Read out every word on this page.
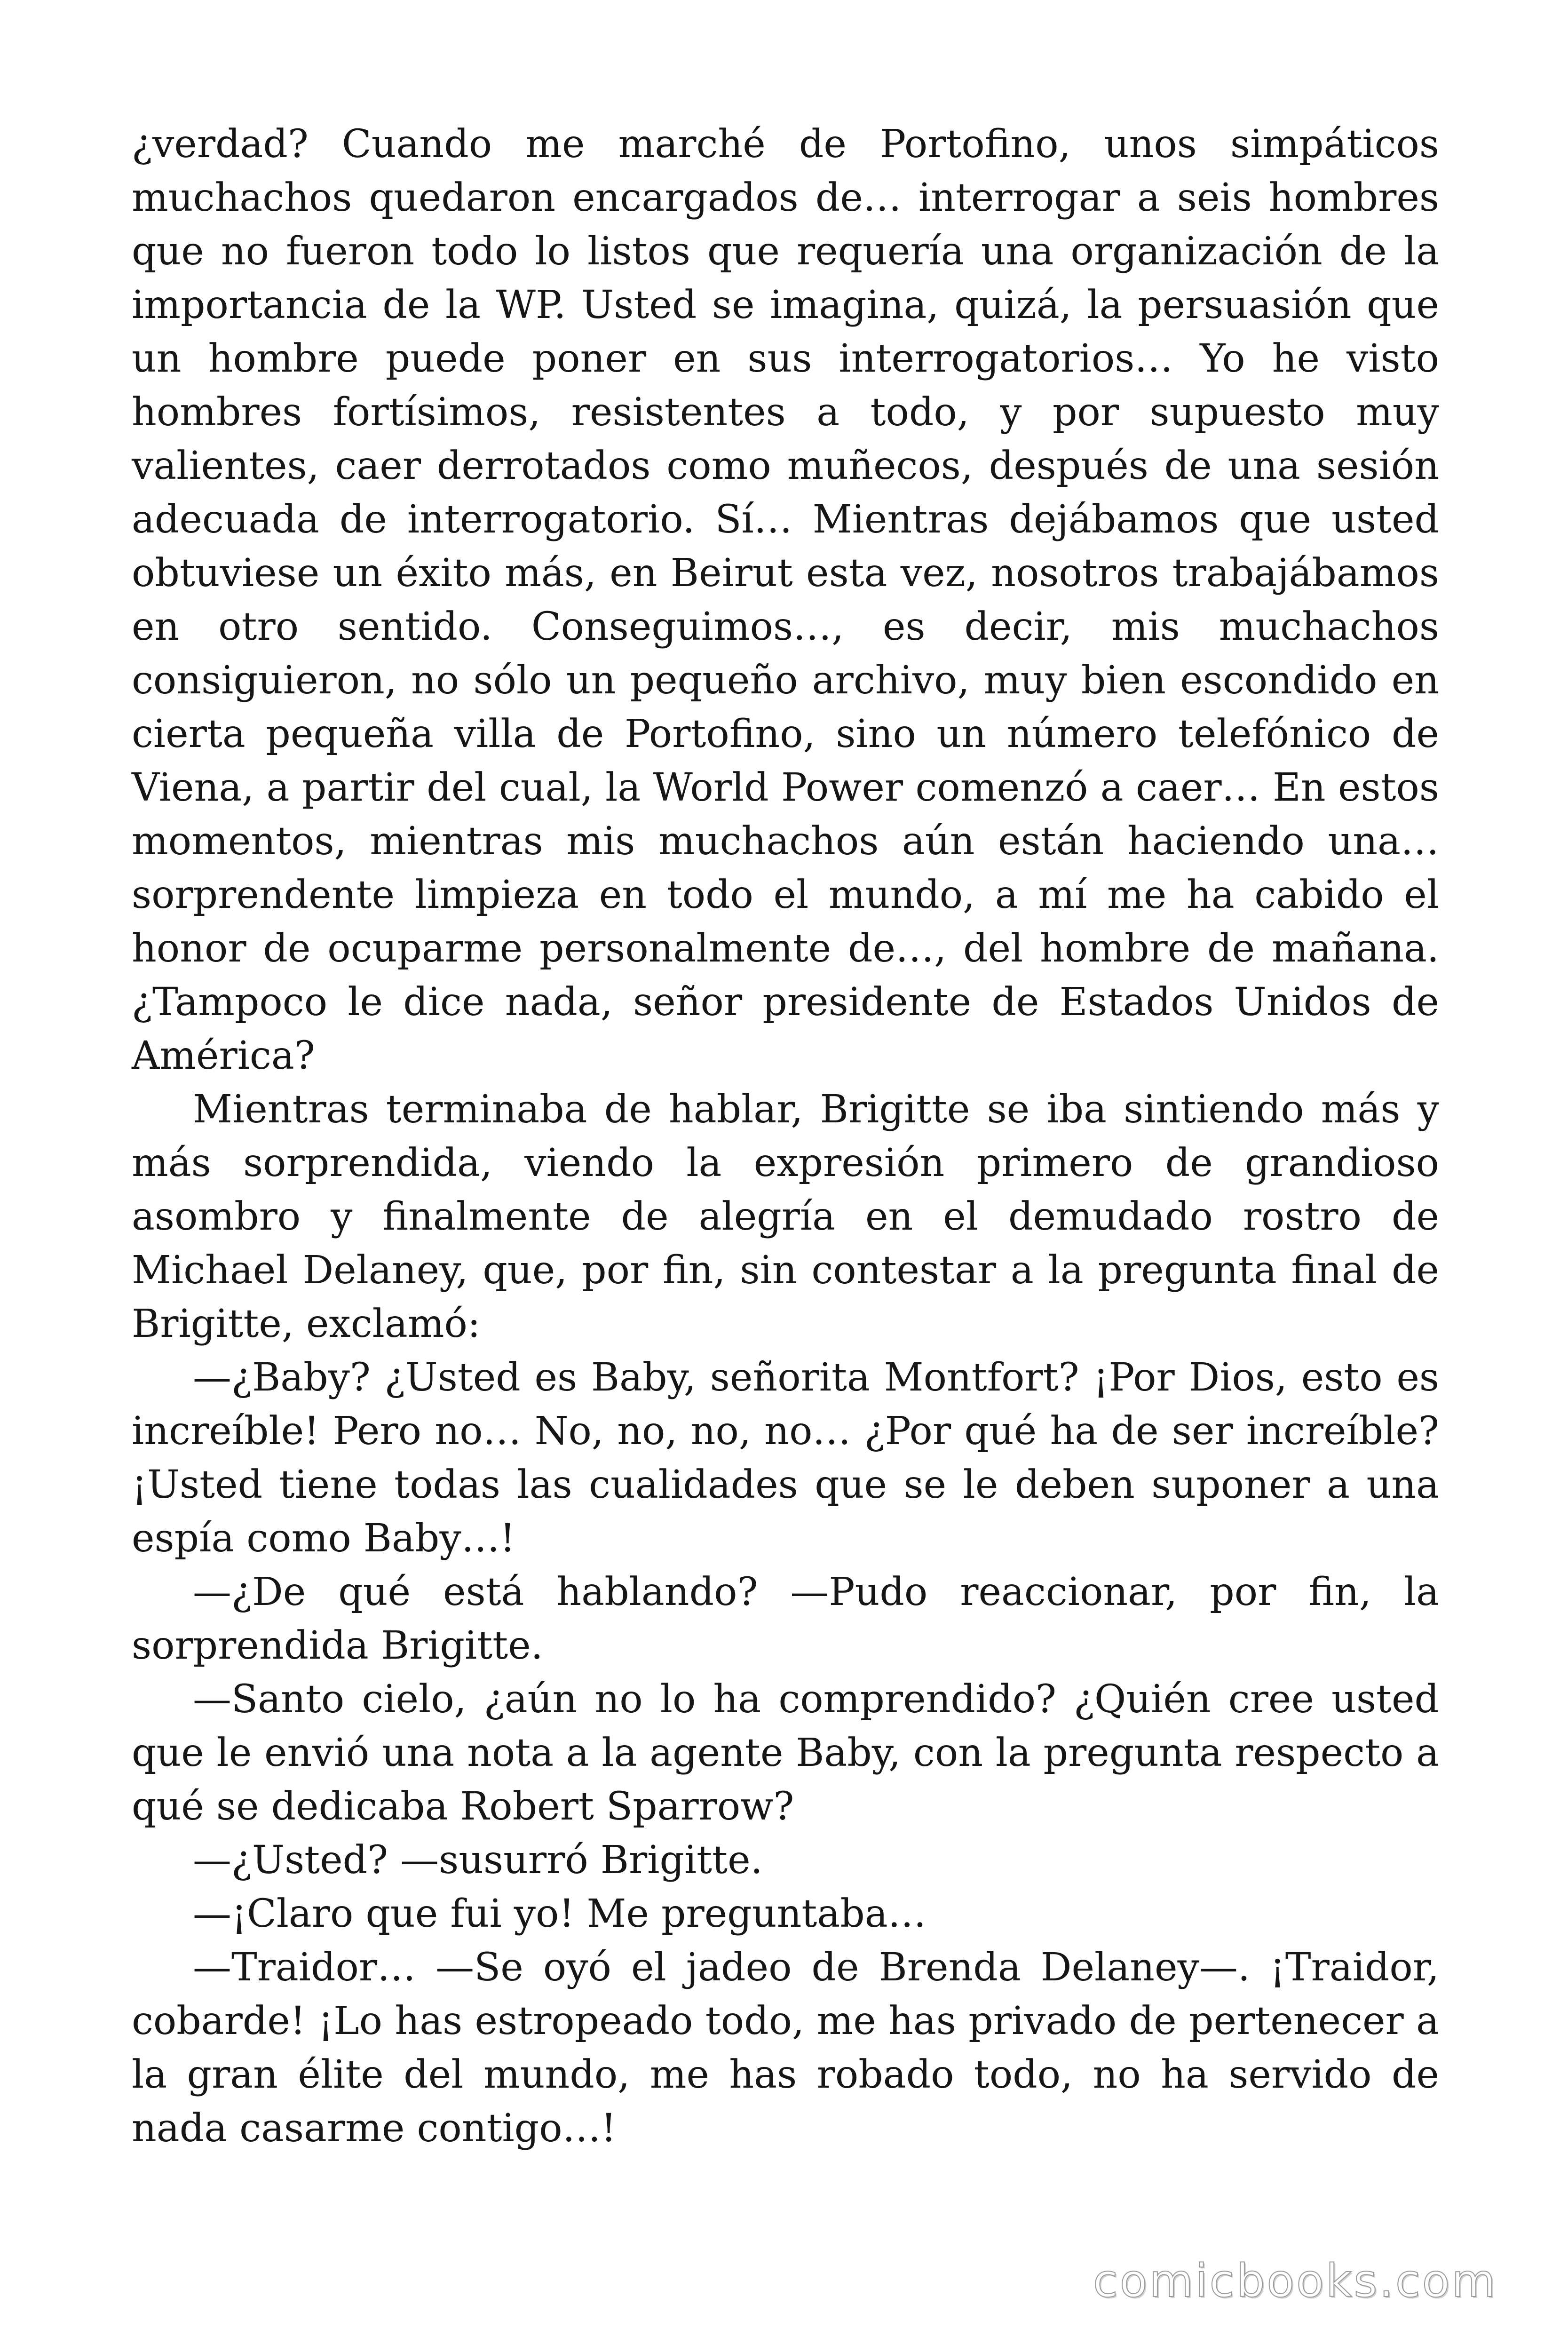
¿verdad? Cuando me marché de Portofino, unos simpáticos muchachos quedaron encargados de… interrogar a seis hombres que no fueron todo lo listos que requería una organización de la importancia de la WP. Usted se imagina, quizá, la persuasión que un hombre puede poner en sus interrogatorios… Yo he visto hombres fortísimos, resistentes a todo, y por supuesto muy valientes, caer derrotados como muñecos, después de una sesión adecuada de interrogatorio. Sí… Mientras dejábamos que usted obtuviese un éxito más, en Beirut esta vez, nosotros trabajábamos en otro sentido. Conseguimos…, es decir, mis muchachos consiguieron, no sólo un pequeño archivo, muy bien escondido en cierta pequeña villa de Portofino, sino un número telefónico de Viena, a partir del cual, la World Power comenzó a caer… En estos momentos, mientras mis muchachos aún están haciendo una… sorprendente limpieza en todo el mundo, a mí me ha cabido el honor de ocuparme personalmente de…, del hombre de mañana. ¿Tampoco le dice nada, señor presidente de Estados Unidos de América?

Mientras terminaba de hablar, Brigitte se iba sintiendo más y más sorprendida, viendo la expresión primero de grandioso asombro y finalmente de alegría en el demudado rostro de Michael Delaney, que, por fin, sin contestar a la pregunta final de Brigitte, exclamó:

—¿Baby? ¿Usted es Baby, señorita Montfort? ¡Por Dios, esto es increíble! Pero no… No, no, no, no… ¿Por qué ha de ser increíble? ¡Usted tiene todas las cualidades que se le deben suponer a una espía como Baby…!

—¿De qué está hablando? —Pudo reaccionar, por fin, la sorprendida Brigitte.

—Santo cielo, ¿aún no lo ha comprendido? ¿Quién cree usted que le envió una nota a la agente Baby, con la pregunta respecto a qué se dedicaba Robert Sparrow?

—¿Usted? —susurró Brigitte.

—¡Claro que fui yo! Me preguntaba…

—Traidor… —Se oyó el jadeo de Brenda Delaney—. ¡Traidor, cobarde! ¡Lo has estropeado todo, me has privado de pertenecer a la gran élite del mundo, me has robado todo, no ha servido de nada casarme contigo…!

comicbooks.com
